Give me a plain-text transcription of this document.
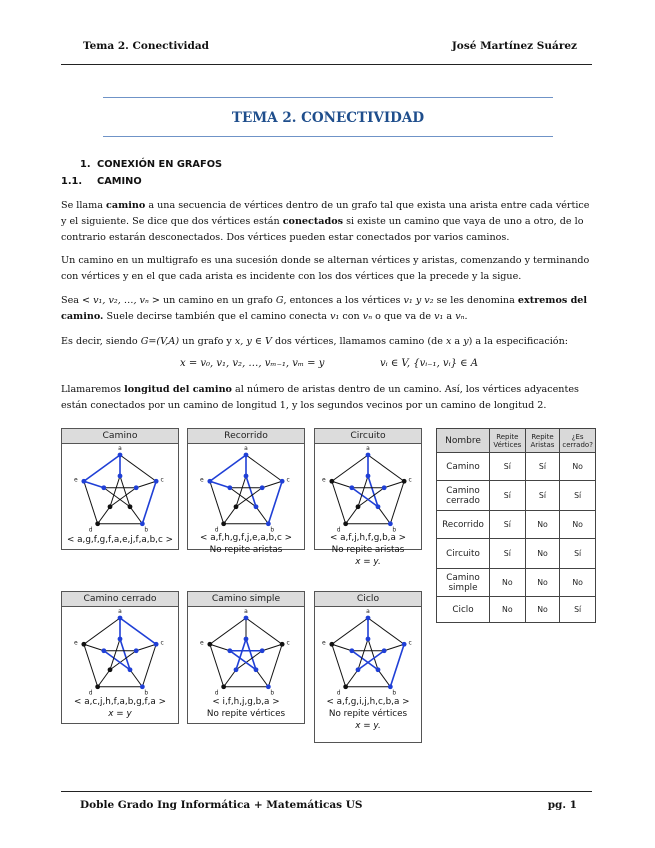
Tema 2. Conectividad	José Martínez Suárez
TEMA 2. CONECTIVIDAD
1. CONEXIÓN EN GRAFOS
1.1. CAMINO
Se llama camino a una secuencia de vértices dentro de un grafo tal que exista una arista entre cada vértice y el siguiente. Se dice que dos vértices están conectados si existe un camino que vaya de uno a otro, de lo contrario estarán desconectados. Dos vértices pueden estar conectados por varios caminos.
Un camino en un multigrafo es una sucesión donde se alternan vértices y aristas, comenzando y terminando con vértices y en el que cada arista es incidente con los dos vértices que la precede y la sigue.
Sea < v₁, v₂, …, vₙ > un camino en un grafo G, entonces a los vértices v₁ y v₂ se les denomina extremos del camino. Suele decirse también que el camino conecta v₁ con vₙ o que va de v₁ a vₙ.
Es decir, siendo G=(V,A) un grafo y x, y ∈ V dos vértices, llamamos camino (de x a y) a la especificación:
x = v₀, v₁, v₂, …, vₘ₋₁, vₘ = y	vᵢ ∈ V, {vᵢ₋₁, vᵢ} ∈ A
Llamaremos longitud del camino al número de aristas dentro de un camino. Así, los vértices adyacentes están conectados por un camino de longitud 1, y los segundos vecinos por un camino de longitud 2.
Camino
a
c
b
d
e
< a,g,f,g,f,a,e,j,f,a,b,c >
Recorrido
a
c
b
d
e
< a,f,h,g,f,j,e,a,b,c >
No repite aristas
Circuito
a
c
b
d
e
< a,f,j,h,f,g,b,a >
No repite aristas
x = y.
Camino cerrado
a
c
b
d
e
< a,c,j,h,f,a,b,g,f,a >
x = y
Camino simple
a
c
b
d
e
< i,f,h,j,g,b,a >
No repite vértices
Ciclo
a
c
b
d
e
< a,f,g,i,j,h,c,b,a >
No repite vértices
x = y.
Nombre	Repite Vértices	Repite Aristas	¿Es cerrado?
Camino	Sí	Sí	No
Camino cerrado	Sí	Sí	Sí
Recorrido	Sí	No	No
Circuito	Sí	No	Sí
Camino simple	No	No	No
Ciclo	No	No	Sí
Doble Grado Ing Informática + Matemáticas US	pg. 1
